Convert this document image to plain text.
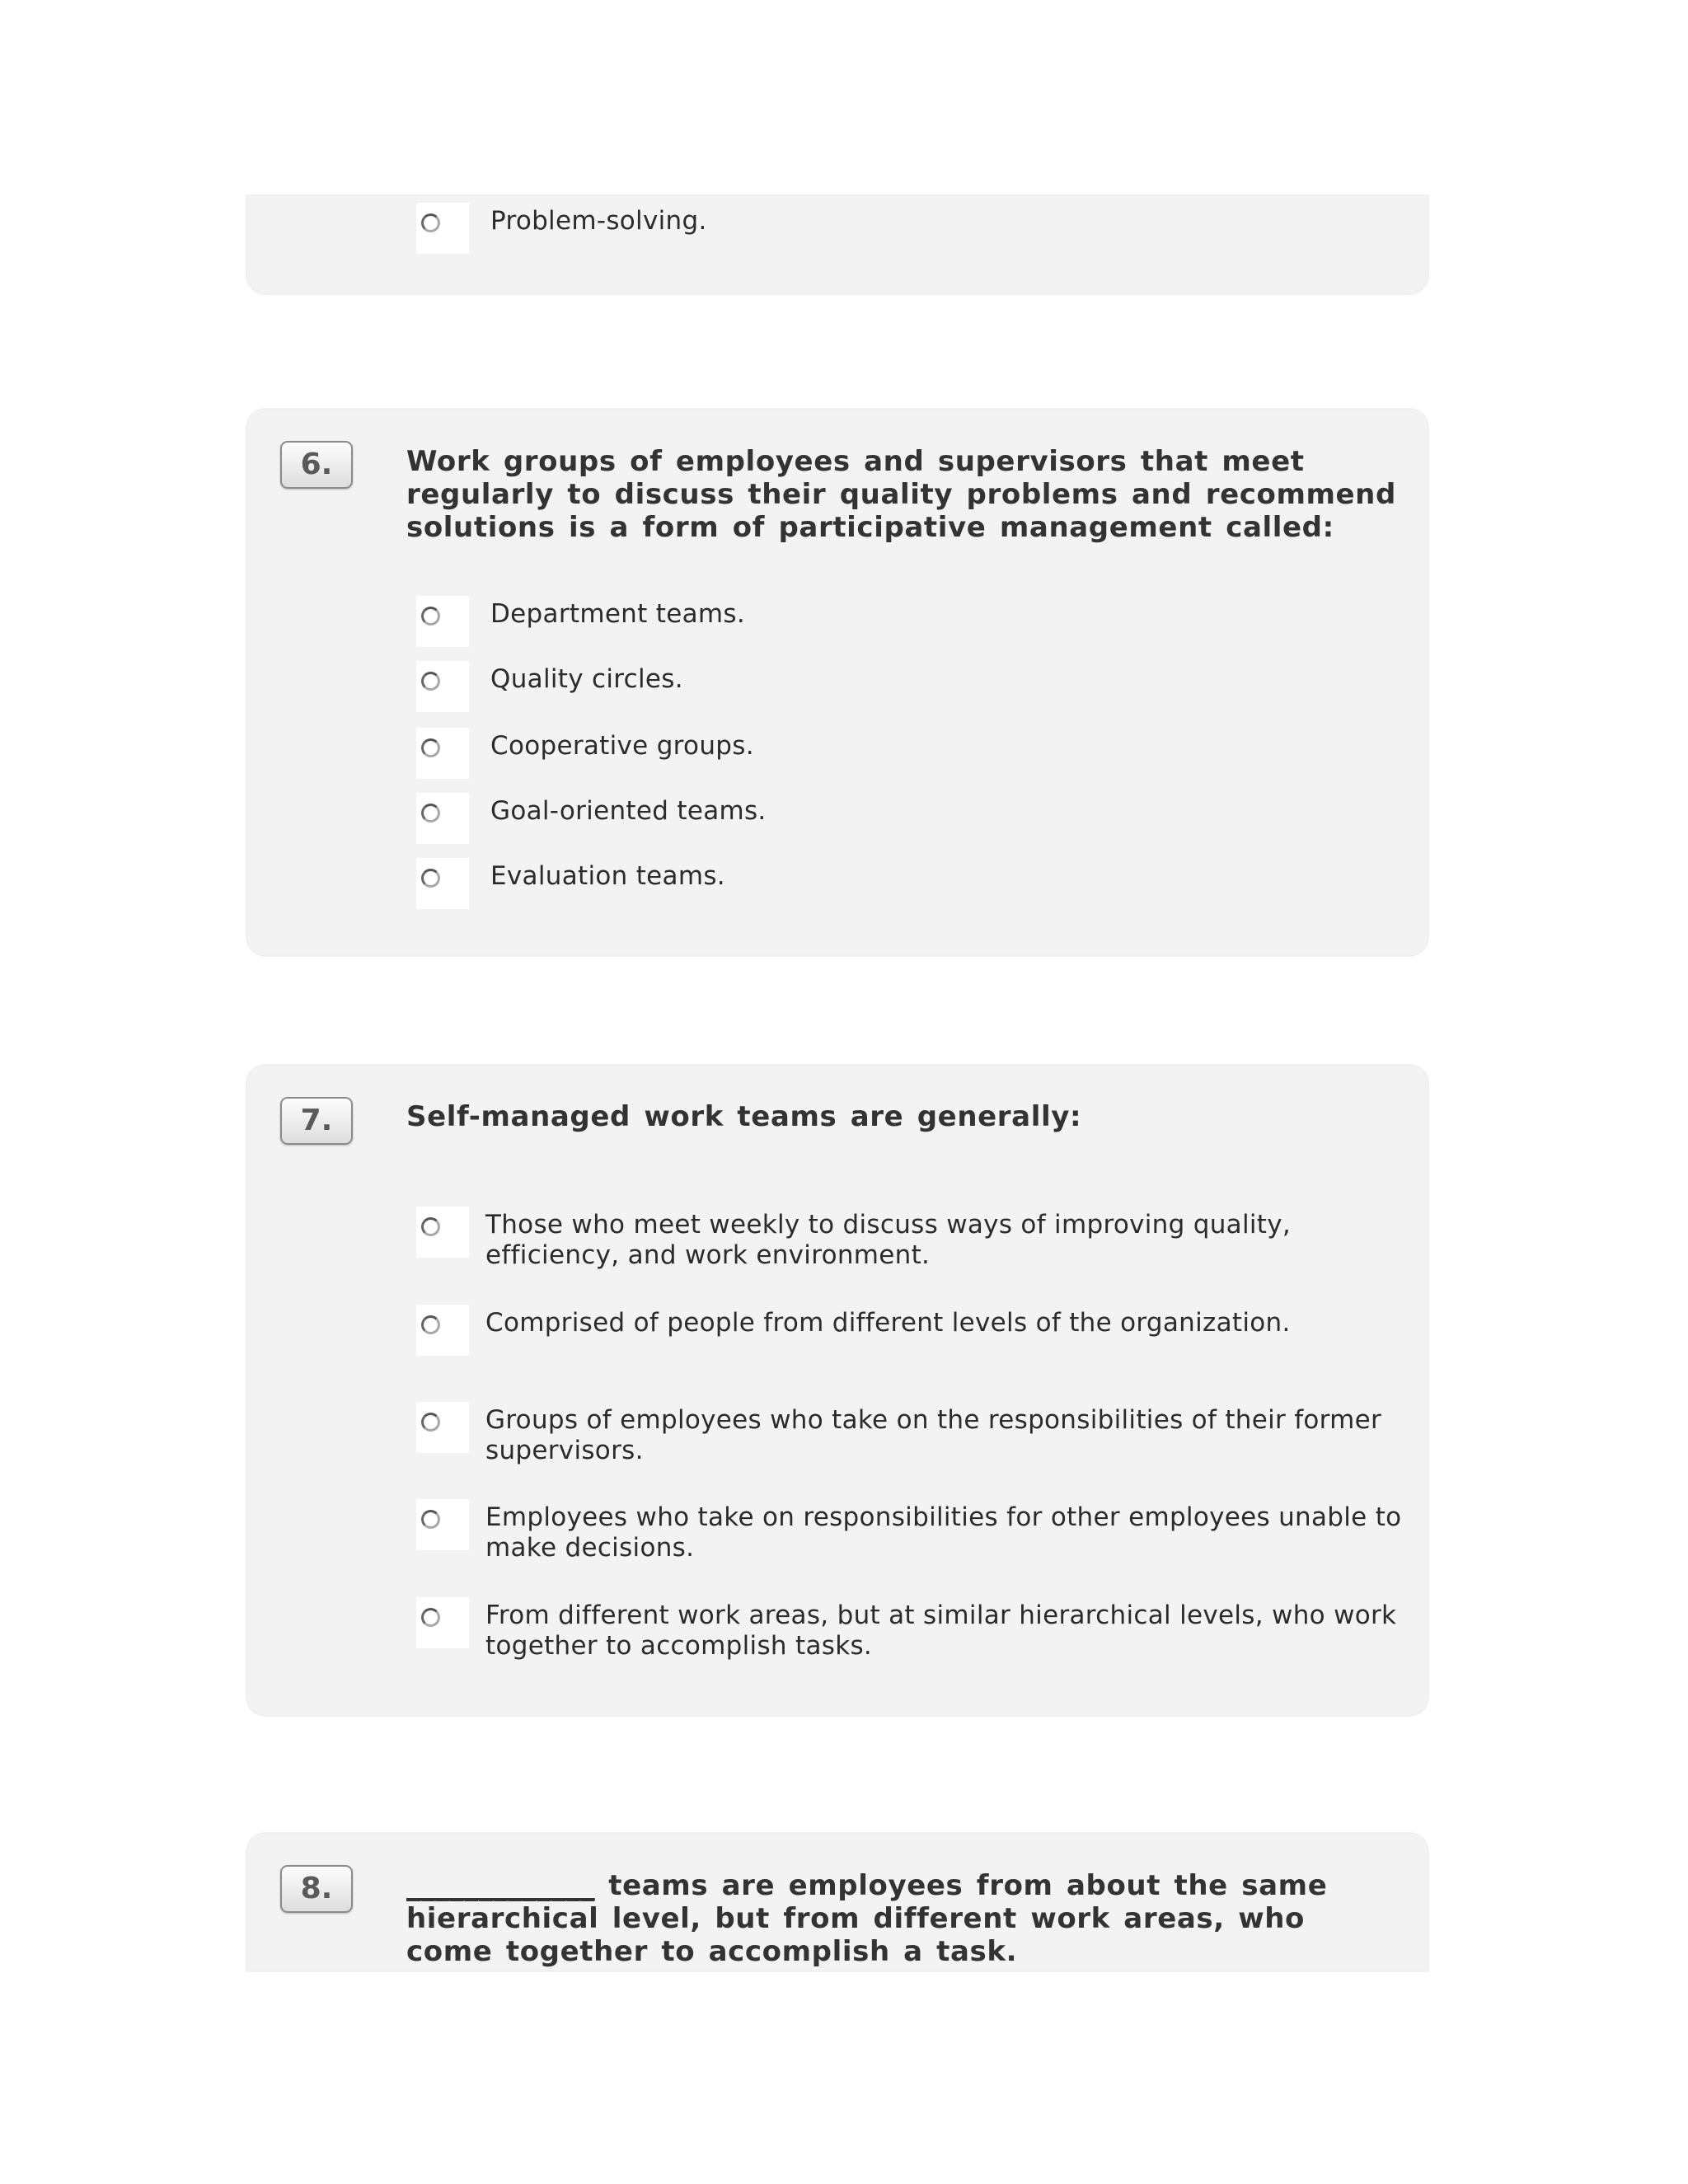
Problem-solving.
6.	Work groups of employees and supervisors that meet regularly to discuss their quality problems and recommend solutions is a form of participative management called:
Department teams.
Quality circles.
Cooperative groups.
Goal-oriented teams.
Evaluation teams.
7.	Self-managed work teams are generally:
Those who meet weekly to discuss ways of improving quality, efficiency, and work environment.
Comprised of people from different levels of the organization.
Groups of employees who take on the responsibilities of their former supervisors.
Employees who take on responsibilities for other employees unable to make decisions.
From different work areas, but at similar hierarchical levels, who work together to accomplish tasks.
8.	_____________ teams are employees from about the same hierarchical level, but from different work areas, who come together to accomplish a task.
